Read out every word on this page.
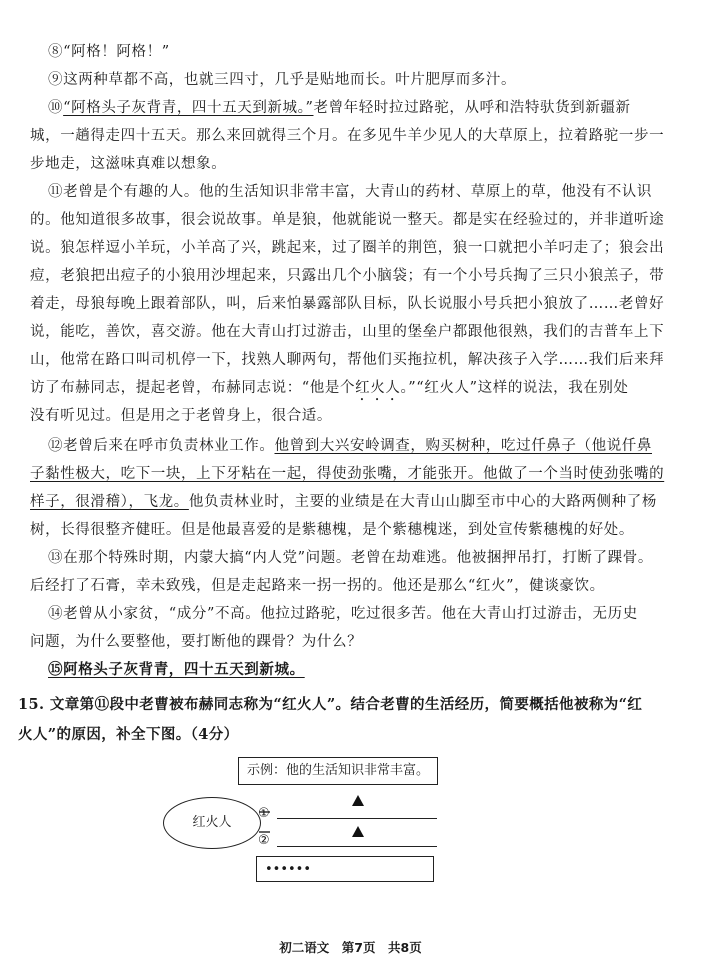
⑧“阿格！阿格！”

⑨这两种草都不高，也就三四寸，几乎是贴地而长。叶片肥厚而多汁。

⑩“阿格头子灰背青，四十五天到新城。”老曾年轻时拉过路驼，从呼和浩特驮货到新疆新

城，一趟得走四十五天。那么来回就得三个月。在多见牛羊少见人的大草原上，拉着路驼一步一

步地走，这滋味真难以想象。

⑪老曾是个有趣的人。他的生活知识非常丰富，大青山的药材、草原上的草，他没有不认识

的。他知道很多故事，很会说故事。单是狼，他就能说一整天。都是实在经验过的，并非道听途

说。狼怎样逗小羊玩，小羊高了兴，跳起来，过了圈羊的荆笆，狼一口就把小羊叼走了；狼会出

痘，老狼把出痘子的小狼用沙埋起来，只露出几个小脑袋；有一个小号兵掏了三只小狼羔子，带

着走，母狼每晚上跟着部队，叫，后来怕暴露部队目标，队长说服小号兵把小狼放了……老曾好

说，能吃，善饮，喜交游。他在大青山打过游击，山里的堡垒户都跟他很熟，我们的吉普车上下

山，他常在路口叫司机停一下，找熟人聊两句，帮他们买拖拉机，解决孩子入学……我们后来拜

访了布赫同志，提起老曾，布赫同志说：“他是个红火人。”“红火人”这样的说法，我在别处

没有听见过。但是用之于老曾身上，很合适。

⑫老曾后来在呼市负责林业工作。他曾到大兴安岭调查，购买树种，吃过仟鼻子（他说仟鼻

子黏性极大，吃下一块，上下牙粘在一起，得使劲张嘴，才能张开。他做了一个当时使劲张嘴的

样子，很滑稽），飞龙。他负责林业时，主要的业绩是在大青山山脚至市中心的大路两侧种了杨

树，长得很整齐健旺。但是他最喜爱的是紫穗槐，是个紫穗槐迷，到处宣传紫穗槐的好处。

⑬在那个特殊时期，内蒙大搞“内人党”问题。老曾在劫难逃。他被捆押吊打，打断了踝骨。

后经打了石膏，幸未致残，但是走起路来一拐一拐的。他还是那么“红火”，健谈豪饮。

⑭老曾从小家贫，“成分”不高。他拉过路驼，吃过很多苦。他在大青山打过游击，无历史

问题，为什么要整他，要打断他的踝骨？为什么？

⑮阿格头子灰背青，四十五天到新城。

15. 文章第⑪段中老曹被布赫同志称为“红火人”。结合老曹的生活经历，简要概括他被称为“红
火人”的原因，补全下图。（4分）
示例：他的生活知识非常丰富。
红火人
①
②
••••••
初二语文　第7页　共8页
